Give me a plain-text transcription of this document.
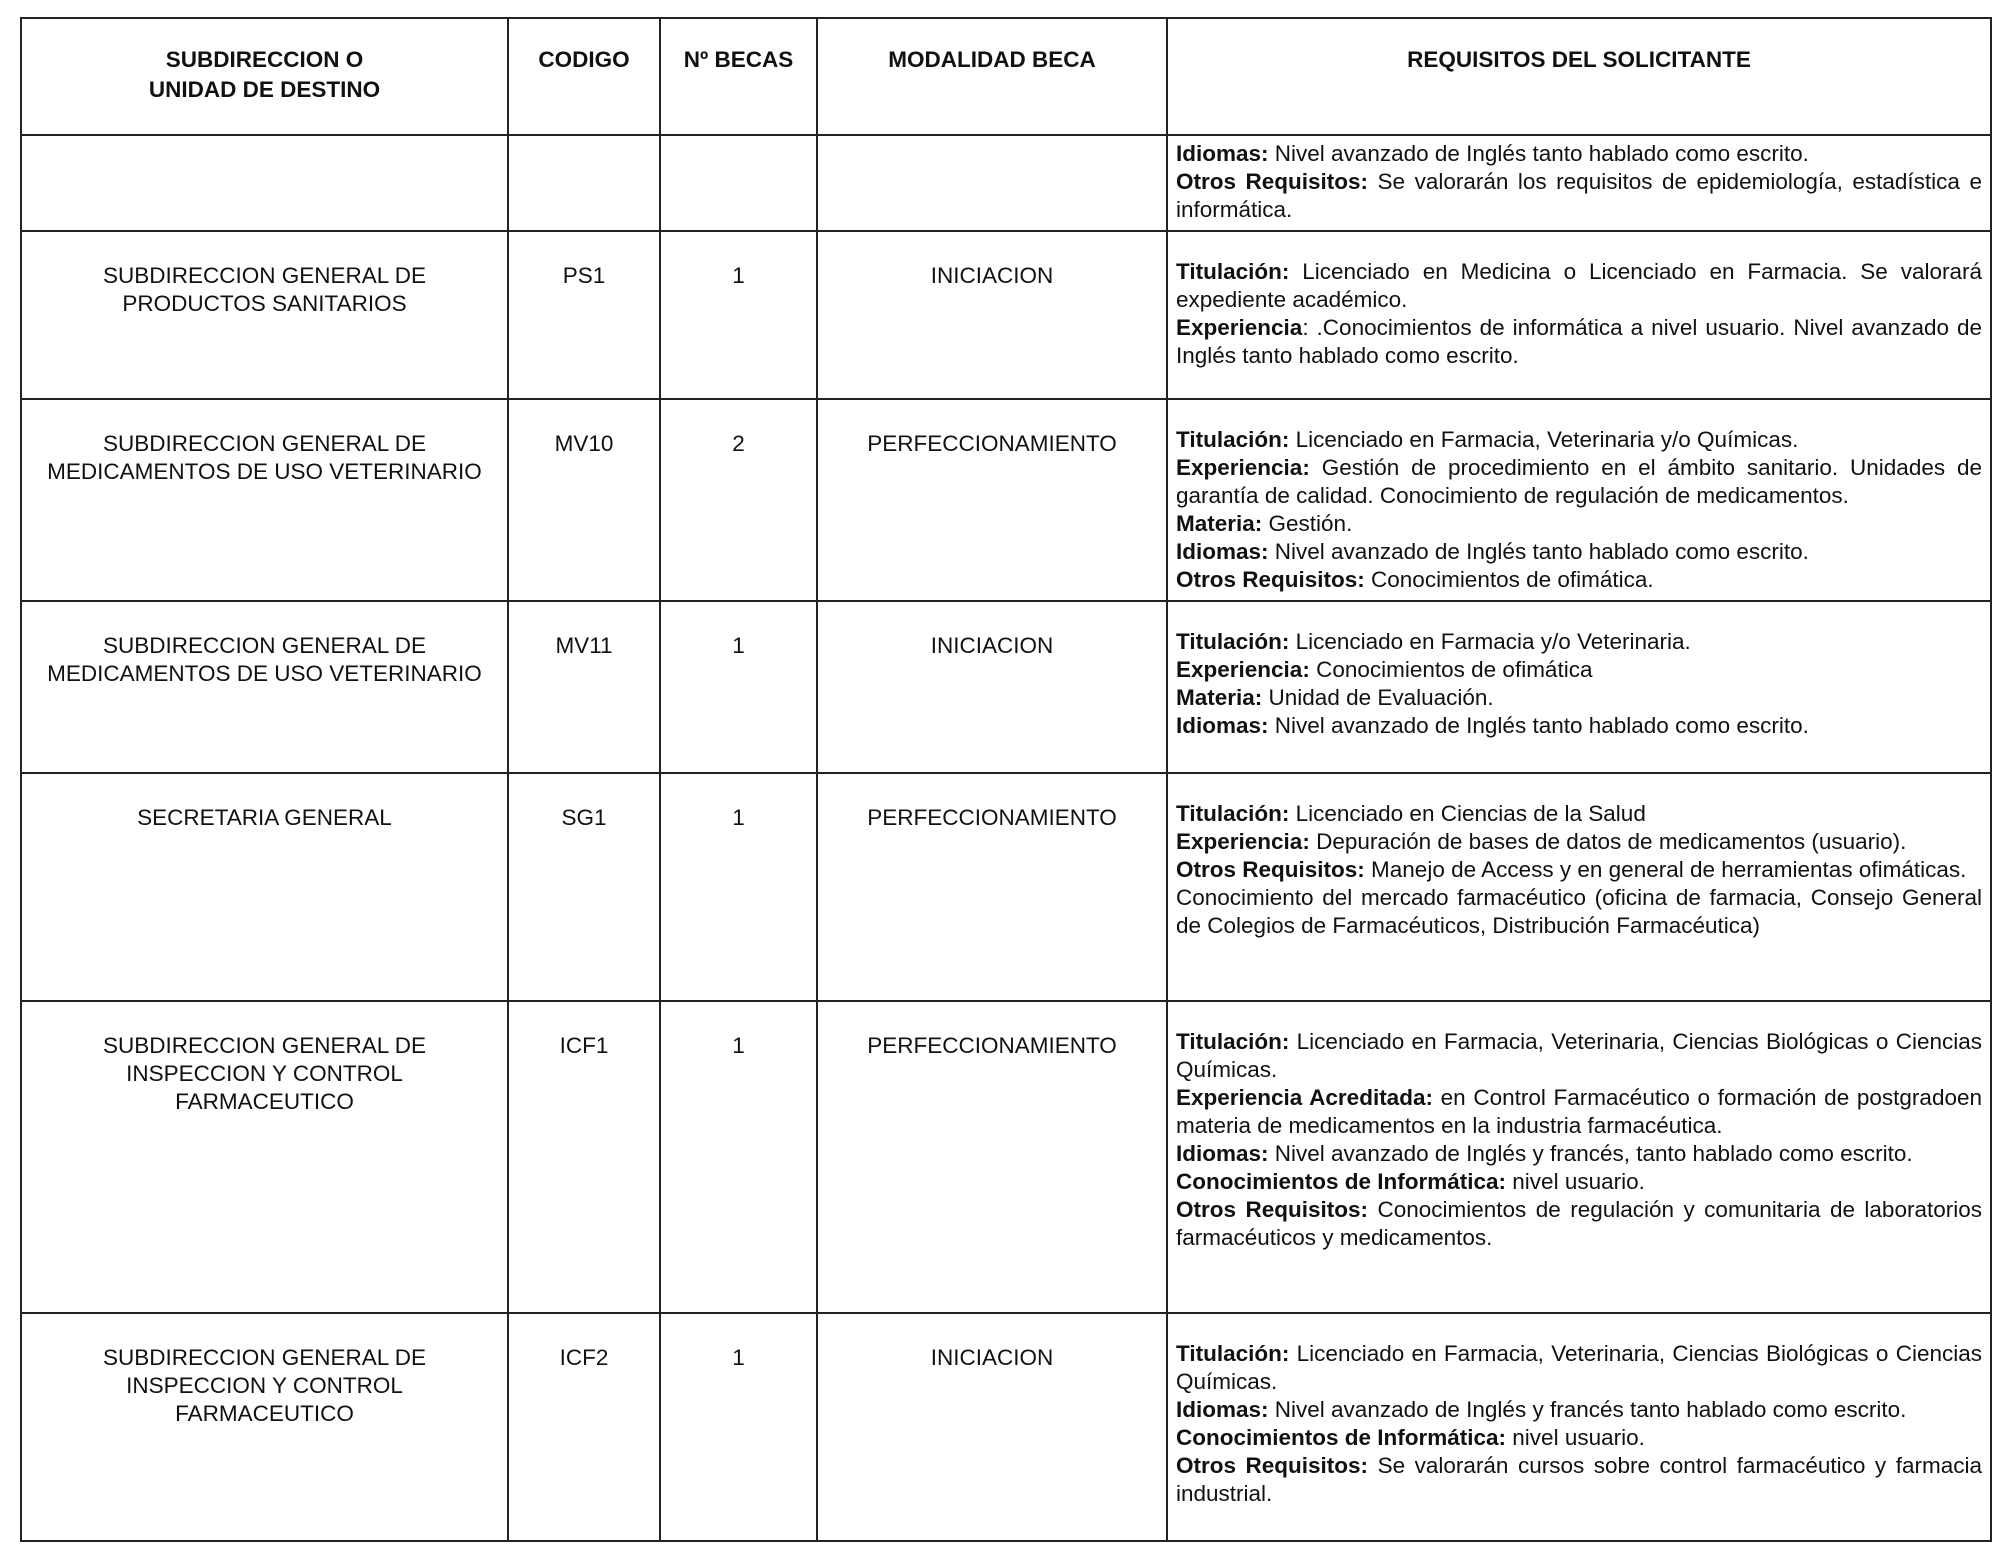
SUBDIRECCION O UNIDAD DE DESTINO	CODIGO	Nº BECAS	MODALIDAD BECA	REQUISITOS DEL SOLICITANTE

				Idiomas: Nivel avanzado de Inglés tanto hablado como escrito.
Otros Requisitos: Se valorarán los requisitos de epidemiología, estadística e informática.

SUBDIRECCION GENERAL DE PRODUCTOS SANITARIOS	PS1	1	INICIACION	Titulación: Licenciado en Medicina o Licenciado en Farmacia. Se valorará expediente académico.
Experiencia: .Conocimientos de informática a nivel usuario. Nivel avanzado de Inglés tanto hablado como escrito.

SUBDIRECCION GENERAL DE MEDICAMENTOS DE USO VETERINARIO	MV10	2	PERFECCIONAMIENTO	Titulación: Licenciado en Farmacia, Veterinaria y/o Químicas.
Experiencia: Gestión de procedimiento en el ámbito sanitario. Unidades de garantía de calidad. Conocimiento de regulación de medicamentos.
Materia: Gestión.
Idiomas: Nivel avanzado de Inglés tanto hablado como escrito.
Otros Requisitos: Conocimientos de ofimática.

SUBDIRECCION GENERAL DE MEDICAMENTOS DE USO VETERINARIO	MV11	1	INICIACION	Titulación: Licenciado en Farmacia y/o Veterinaria.
Experiencia: Conocimientos de ofimática
Materia: Unidad de Evaluación.
Idiomas: Nivel avanzado de Inglés tanto hablado como escrito.

SECRETARIA GENERAL	SG1	1	PERFECCIONAMIENTO	Titulación: Licenciado en Ciencias de la Salud
Experiencia: Depuración de bases de datos de medicamentos (usuario).
Otros Requisitos: Manejo de Access y en general de herramientas ofimáticas.
Conocimiento del mercado farmacéutico (oficina de farmacia, Consejo General de Colegios de Farmacéuticos, Distribución Farmacéutica)

SUBDIRECCION GENERAL DE INSPECCION Y CONTROL FARMACEUTICO	ICF1	1	PERFECCIONAMIENTO	Titulación: Licenciado en Farmacia, Veterinaria, Ciencias Biológicas o Ciencias Químicas.
Experiencia Acreditada: en Control Farmacéutico o formación de postgradoen materia de medicamentos en la industria farmacéutica.
Idiomas: Nivel avanzado de Inglés y francés, tanto hablado como escrito.
Conocimientos de Informática: nivel usuario.
Otros Requisitos: Conocimientos de regulación y comunitaria de laboratorios farmacéuticos y medicamentos.

SUBDIRECCION GENERAL DE INSPECCION Y CONTROL FARMACEUTICO	ICF2	1	INICIACION	Titulación: Licenciado en Farmacia, Veterinaria, Ciencias Biológicas o Ciencias Químicas.
Idiomas: Nivel avanzado de Inglés y francés tanto hablado como escrito.
Conocimientos de Informática: nivel usuario.
Otros Requisitos: Se valorarán cursos sobre control farmacéutico y farmacia industrial.
